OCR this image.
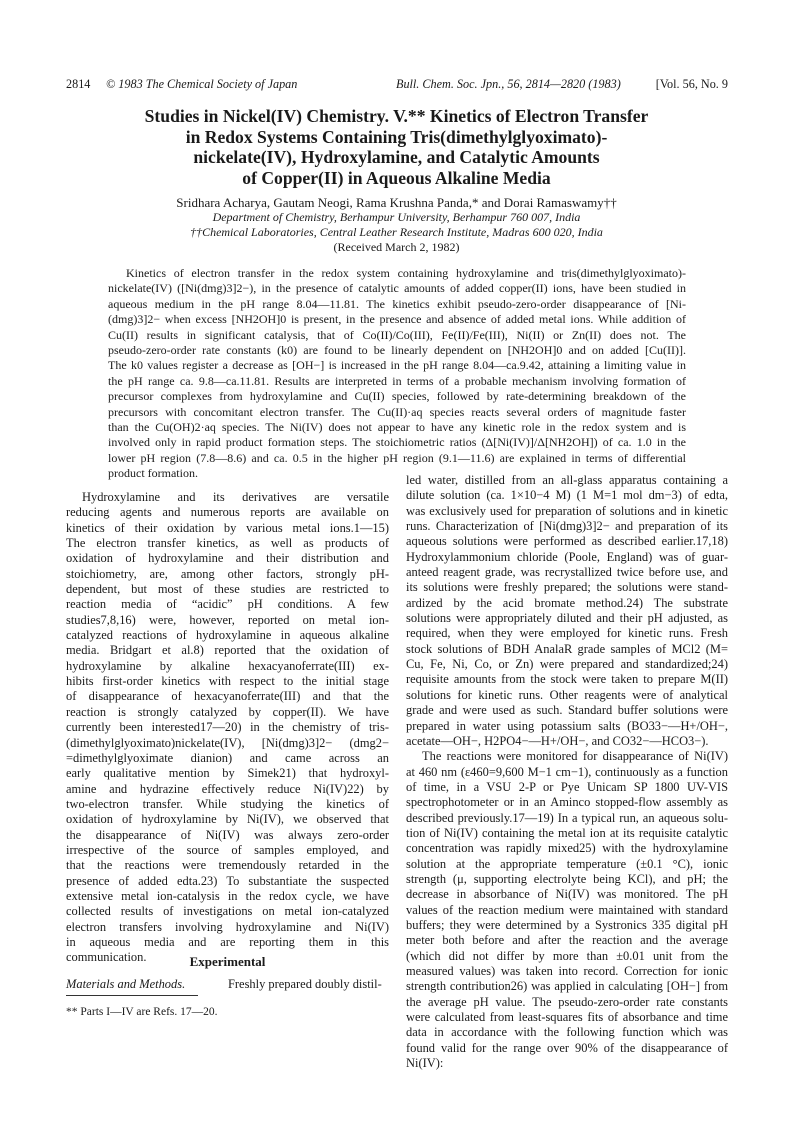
2814 © 1983 The Chemical Society of Japan	Bull. Chem. Soc. Jpn., 56, 2814—2820 (1983)	[Vol. 56, No. 9
Studies in Nickel(IV) Chemistry. V.** Kinetics of Electron Transfer
in Redox Systems Containing Tris(dimethylglyoximato)-
nickelate(IV), Hydroxylamine, and Catalytic Amounts
of Copper(II) in Aqueous Alkaline Media
Sridhara Acharya, Gautam Neogi, Rama Krushna Panda,* and Dorai Ramaswamy††
Department of Chemistry, Berhampur University, Berhampur 760 007, India
††Chemical Laboratories, Central Leather Research Institute, Madras 600 020, India
(Received March 2, 1982)
Kinetics of electron transfer in the redox system containing hydroxylamine and tris(dimethylglyoximato)-
nickelate(IV) ([Ni(dmg)3]2−), in the presence of catalytic amounts of added copper(II) ions, have been studied in
aqueous medium in the pH range 8.04—11.81. The kinetics exhibit pseudo-zero-order disappearance of [Ni-
(dmg)3]2− when excess [NH2OH]0 is present, in the presence and absence of added metal ions. While addition of
Cu(II) results in significant catalysis, that of Co(II)/Co(III), Fe(II)/Fe(III), Ni(II) or Zn(II) does not. The
pseudo-zero-order rate constants (k0) are found to be linearly dependent on [NH2OH]0 and on added [Cu(II)].
The k0 values register a decrease as [OH−] is increased in the pH range 8.04—ca.9.42, attaining a limiting value in
the pH range ca. 9.8—ca.11.81. Results are interpreted in terms of a probable mechanism involving formation of
precursor complexes from hydroxylamine and Cu(II) species, followed by rate-determining breakdown of the
precursors with concomitant electron transfer. The Cu(II)·aq species reacts several orders of magnitude faster
than the Cu(OH)2·aq species. The Ni(IV) does not appear to have any kinetic role in the redox system and is
involved only in rapid product formation steps. The stoichiometric ratios (Δ[Ni(IV)]/Δ[NH2OH]) of ca. 1.0 in the
lower pH region (7.8—8.6) and ca. 0.5 in the higher pH region (9.1—11.6) are explained in terms of differential
product formation.
Hydroxylamine and its derivatives are versatile
reducing agents and numerous reports are available on
kinetics of their oxidation by various metal ions.1—15)
The electron transfer kinetics, as well as products of
oxidation of hydroxylamine and their distribution and
stoichiometry, are, among other factors, strongly pH-
dependent, but most of these studies are restricted to
reaction media of “acidic” pH conditions. A few
studies7,8,16) were, however, reported on metal ion-
catalyzed reactions of hydroxylamine in aqueous alkaline
media. Bridgart et al.8) reported that the oxidation of
hydroxylamine by alkaline hexacyanoferrate(III) ex-
hibits first-order kinetics with respect to the initial stage
of disappearance of hexacyanoferrate(III) and that the
reaction is strongly catalyzed by copper(II). We have
currently been interested17—20) in the chemistry of tris-
(dimethylglyoximato)nickelate(IV), [Ni(dmg)3]2− (dmg2−
=dimethylglyoximate dianion) and came across an
early qualitative mention by Simek21) that hydroxyl-
amine and hydrazine effectively reduce Ni(IV)22) by
two-electron transfer. While studying the kinetics of
oxidation of hydroxylamine by Ni(IV), we observed that
the disappearance of Ni(IV) was always zero-order
irrespective of the source of samples employed, and
that the reactions were tremendously retarded in the
presence of added edta.23) To substantiate the suspected
extensive metal ion-catalysis in the redox cycle, we have
collected results of investigations on metal ion-catalyzed
electron transfers involving hydroxylamine and Ni(IV)
in aqueous media and are reporting them in this
communication.	Experimental
Materials and Methods.	Freshly prepared doubly distil-
** Parts I—IV are Refs. 17—20.
led water, distilled from an all-glass apparatus containing a
dilute solution (ca. 1×10−4 M) (1 M=1 mol dm−3) of edta,
was exclusively used for preparation of solutions and in kinetic
runs. Characterization of [Ni(dmg)3]2− and preparation of its
aqueous solutions were performed as described earlier.17,18)
Hydroxylammonium chloride (Poole, England) was of guar-
anteed reagent grade, was recrystallized twice before use, and
its solutions were freshly prepared; the solutions were stand-
ardized by the acid bromate method.24) The substrate
solutions were appropriately diluted and their pH adjusted, as
required, when they were employed for kinetic runs. Fresh
stock solutions of BDH AnalaR grade samples of MCl2 (M=
Cu, Fe, Ni, Co, or Zn) were prepared and standardized;24)
requisite amounts from the stock were taken to prepare M(II)
solutions for kinetic runs. Other reagents were of analytical
grade and were used as such. Standard buffer solutions were
prepared in water using potassium salts (BO33−—H+/OH−,
acetate—OH−, H2PO4−—H+/OH−, and CO32−—HCO3−).
The reactions were monitored for disappearance of Ni(IV)
at 460 nm (ε460=9,600 M−1 cm−1), continuously as a function
of time, in a VSU 2-P or Pye Unicam SP 1800 UV-VIS
spectrophotometer or in an Aminco stopped-flow assembly as
described previously.17—19) In a typical run, an aqueous solu-
tion of Ni(IV) containing the metal ion at its requisite catalytic
concentration was rapidly mixed25) with the hydroxylamine
solution at the appropriate temperature (±0.1 °C), ionic
strength (μ, supporting electrolyte being KCl), and pH; the
decrease in absorbance of Ni(IV) was monitored. The pH
values of the reaction medium were maintained with standard
buffers; they were determined by a Systronics 335 digital pH
meter both before and after the reaction and the average
(which did not differ by more than ±0.01 unit from the
measured values) was taken into record. Correction for ionic
strength contribution26) was applied in calculating [OH−] from
the average pH value. The pseudo-zero-order rate constants
were calculated from least-squares fits of absorbance and time
data in accordance with the following function which was
found valid for the range over 90% of the disappearance of
Ni(IV):
